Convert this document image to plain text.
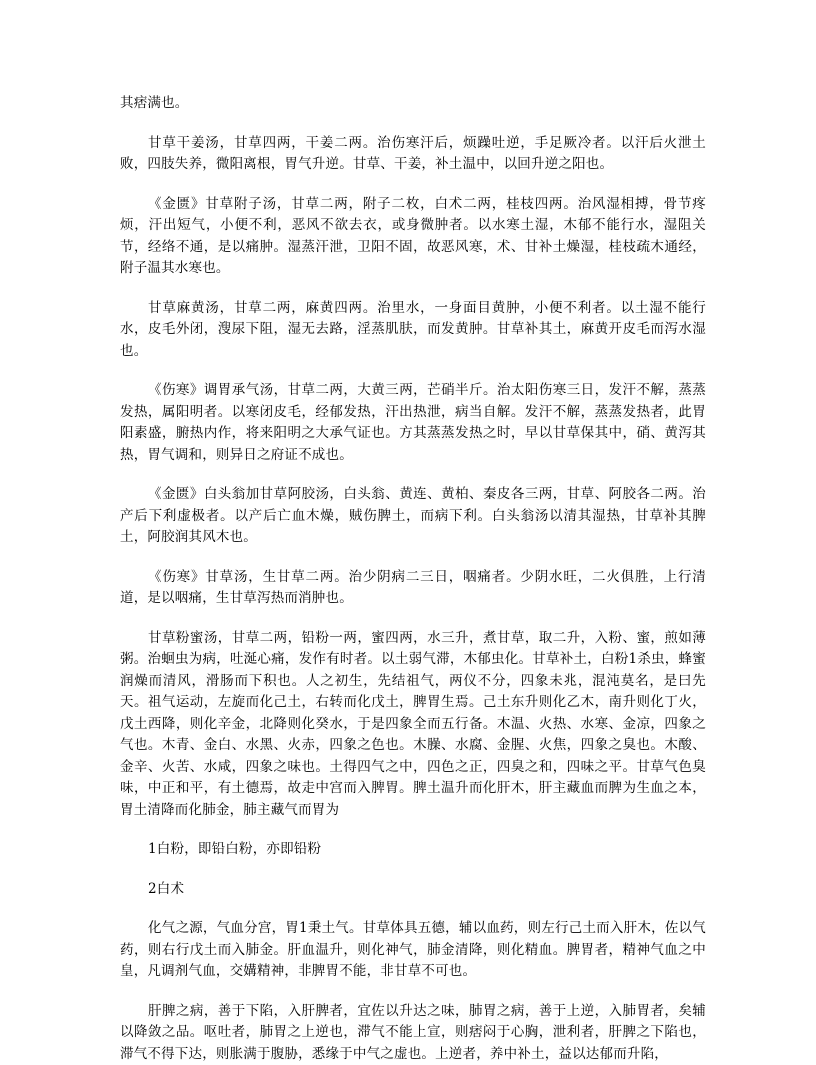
其痞满也。

甘草干姜汤，甘草四两，干姜二两。治伤寒汗后，烦躁吐逆，手足厥冷者。以汗后火泄土败，四肢失养，微阳离根，胃气升逆。甘草、干姜，补土温中，以回升逆之阳也。

《金匮》甘草附子汤，甘草二两，附子二枚，白术二两，桂枝四两。治风湿相搏，骨节疼烦，汗出短气，小便不利，恶风不欲去衣，或身微肿者。以水寒土湿，木郁不能行水，湿阻关节，经络不通，是以痛肿。湿蒸汗泄，卫阳不固，故恶风寒，术、甘补土燥湿，桂枝疏木通经，附子温其水寒也。

甘草麻黄汤，甘草二两，麻黄四两。治里水，一身面目黄肿，小便不利者。以土湿不能行水，皮毛外闭，溲尿下阻，湿无去路，淫蒸肌肤，而发黄肿。甘草补其土，麻黄开皮毛而泻水湿也。

《伤寒》调胃承气汤，甘草二两，大黄三两，芒硝半斤。治太阳伤寒三日，发汗不解，蒸蒸发热，属阳明者。以寒闭皮毛，经郁发热，汗出热泄，病当自解。发汗不解，蒸蒸发热者，此胃阳素盛，腑热内作，将来阳明之大承气证也。方其蒸蒸发热之时，早以甘草保其中，硝、黄泻其热，胃气调和，则异日之府证不成也。

《金匮》白头翁加甘草阿胶汤，白头翁、黄连、黄柏、秦皮各三两，甘草、阿胶各二两。治产后下利虚极者。以产后亡血木燥，贼伤脾土，而病下利。白头翁汤以清其湿热，甘草补其脾土，阿胶润其风木也。

《伤寒》甘草汤，生甘草二两。治少阴病二三日，咽痛者。少阴水旺，二火俱胜，上行清道，是以咽痛，生甘草泻热而消肿也。

甘草粉蜜汤，甘草二两，铅粉一两，蜜四两，水三升，煮甘草，取二升，入粉、蜜，煎如薄粥。治蛔虫为病，吐涎心痛，发作有时者。以土弱气滞，木郁虫化。甘草补土，白粉1杀虫，蜂蜜润燥而清风，滑肠而下积也。人之初生，先结祖气，两仪不分，四象未兆，混沌莫名，是曰先天。祖气运动，左旋而化己土，右转而化戊土，脾胃生焉。己土东升则化乙木，南升则化丁火，戊土西降，则化辛金，北降则化癸水，于是四象全而五行备。木温、火热、水寒、金凉，四象之气也。木青、金白、水黑、火赤，四象之色也。木臊、水腐、金腥、火焦，四象之臭也。木酸、金辛、火苦、水咸，四象之味也。土得四气之中，四色之正，四臭之和，四味之平。甘草气色臭味，中正和平，有土德焉，故走中宫而入脾胃。脾土温升而化肝木，肝主藏血而脾为生血之本，胃土清降而化肺金，肺主藏气而胃为

1白粉，即铅白粉，亦即铅粉

2白术

化气之源，气血分宫，胃1秉土气。甘草体具五德，辅以血药，则左行己土而入肝木，佐以气药，则右行戊土而入肺金。肝血温升，则化神气，肺金清降，则化精血。脾胃者，精神气血之中皇，凡调剂气血，交媾精神，非脾胃不能，非甘草不可也。

肝脾之病，善于下陷，入肝脾者，宜佐以升达之味，肺胃之病，善于上逆，入肺胃者，矣辅以降敛之品。呕吐者，肺胃之上逆也，滞气不能上宣，则痞闷于心胸，泄利者，肝脾之下陷也，滞气不得下达，则胀满于腹胁，悉缘于中气之虚也。上逆者，养中补土，益以达郁而升陷，
